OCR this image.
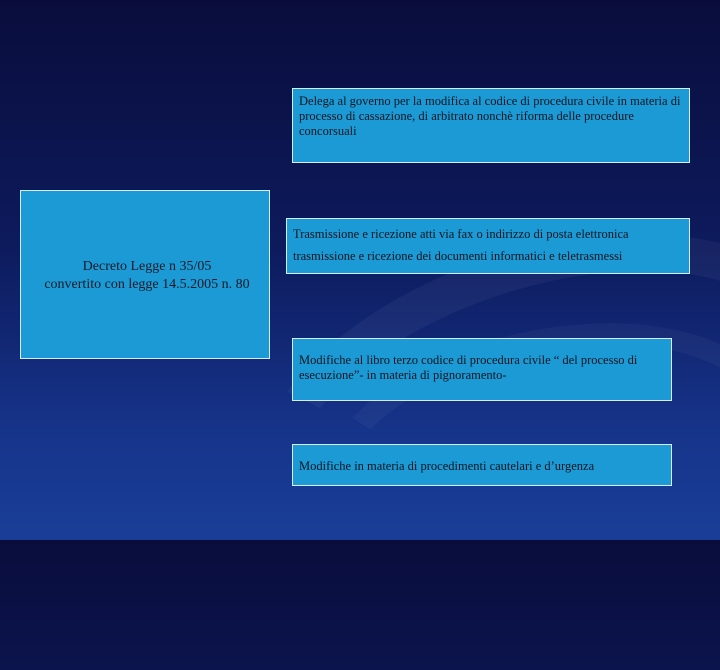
Decreto Legge n 35/05
convertito con legge 14.5.2005 n. 80
Delega al governo per la modifica al codice di procedura civile in materia di processo di cassazione, di arbitrato nonchè riforma delle procedure concorsuali
Trasmissione e ricezione atti via fax o indirizzo di posta elettronica
trasmissione e ricezione dei documenti informatici e teletrasmessi
Modifiche al libro terzo codice di procedura civile “ del processo di esecuzione”- in materia di pignoramento-
Modifiche in materia di procedimenti cautelari e d’urgenza
